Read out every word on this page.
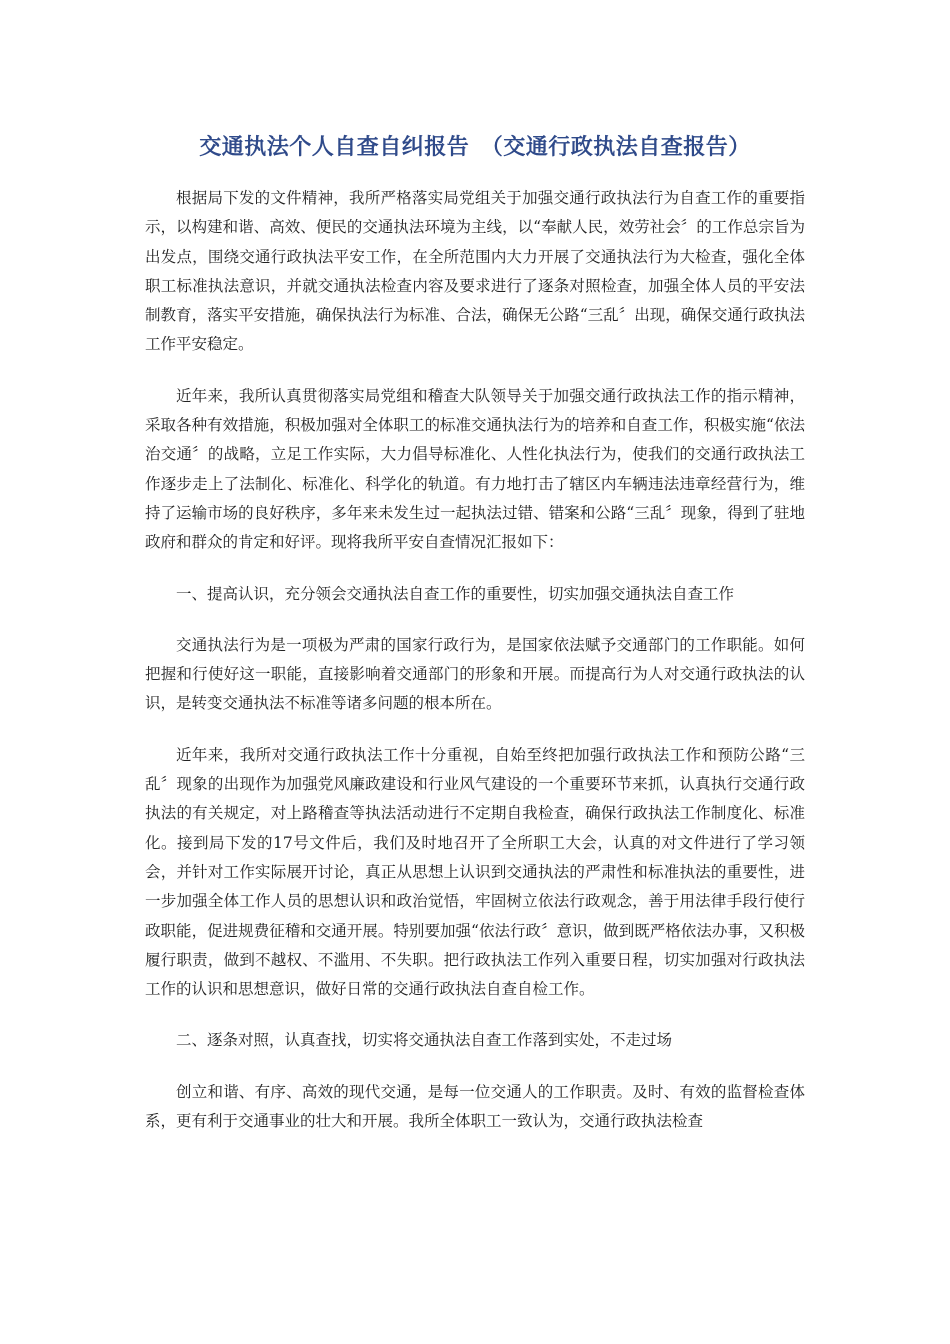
交通执法个人自查自纠报告　（交通行政执法自查报告）

根据局下发的文件精神，我所严格落实局党组关于加强交通行政执法行为自查工作的重要指示，以构建和谐、高效、便民的交通执法环境为主线，以“奉献人民，效劳社会〞的工作总宗旨为出发点，围绕交通行政执法平安工作，在全所范围内大力开展了交通执法行为大检查，强化全体职工标准执法意识，并就交通执法检查内容及要求进行了逐条对照检查，加强全体人员的平安法制教育，落实平安措施，确保执法行为标准、合法，确保无公路“三乱〞出现，确保交通行政执法工作平安稳定。

近年来，我所认真贯彻落实局党组和稽查大队领导关于加强交通行政执法工作的指示精神，采取各种有效措施，积极加强对全体职工的标准交通执法行为的培养和自查工作，积极实施“依法治交通〞的战略，立足工作实际，大力倡导标准化、人性化执法行为，使我们的交通行政执法工作逐步走上了法制化、标准化、科学化的轨道。有力地打击了辖区内车辆违法违章经营行为，维持了运输市场的良好秩序，多年来未发生过一起执法过错、错案和公路“三乱〞现象，得到了驻地政府和群众的肯定和好评。现将我所平安自查情况汇报如下：

一、提高认识，充分领会交通执法自查工作的重要性，切实加强交通执法自查工作

交通执法行为是一项极为严肃的国家行政行为，是国家依法赋予交通部门的工作职能。如何把握和行使好这一职能，直接影响着交通部门的形象和开展。而提高行为人对交通行政执法的认识，是转变交通执法不标准等诸多问题的根本所在。

近年来，我所对交通行政执法工作十分重视，自始至终把加强行政执法工作和预防公路“三乱〞现象的出现作为加强党风廉政建设和行业风气建设的一个重要环节来抓，认真执行交通行政执法的有关规定，对上路稽查等执法活动进行不定期自我检查，确保行政执法工作制度化、标准化。接到局下发的17号文件后，我们及时地召开了全所职工大会，认真的对文件进行了学习领会，并针对工作实际展开讨论，真正从思想上认识到交通执法的严肃性和标准执法的重要性，进一步加强全体工作人员的思想认识和政治觉悟，牢固树立依法行政观念，善于用法律手段行使行政职能，促进规费征稽和交通开展。特别要加强“依法行政〞意识，做到既严格依法办事，又积极履行职责，做到不越权、不滥用、不失职。把行政执法工作列入重要日程，切实加强对行政执法工作的认识和思想意识，做好日常的交通行政执法自查自检工作。

二、逐条对照，认真查找，切实将交通执法自查工作落到实处，不走过场

创立和谐、有序、高效的现代交通，是每一位交通人的工作职责。及时、有效的监督检查体系，更有利于交通事业的壮大和开展。我所全体职工一致认为，交通行政执法检查
